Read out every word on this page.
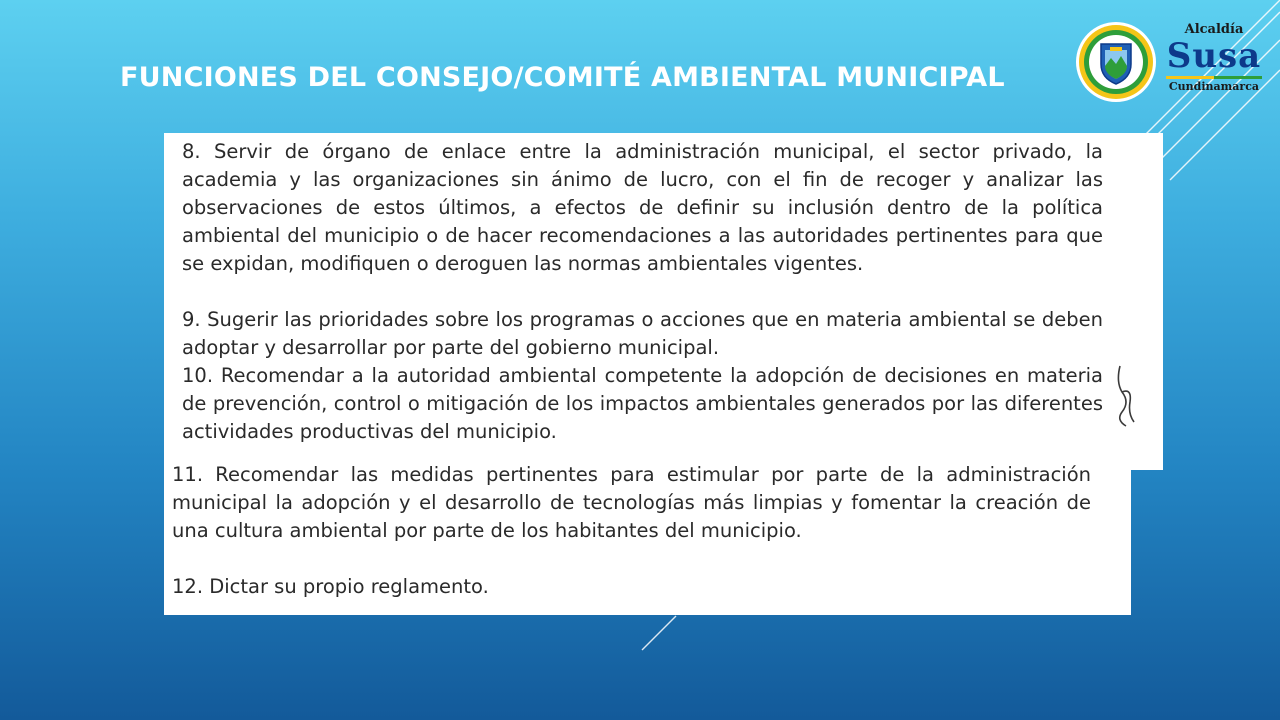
FUNCIONES DEL CONSEJO/COMITÉ AMBIENTAL MUNICIPAL
Alcaldía
Susa
Cundinamarca

8. Servir de órgano de enlace entre la administración municipal, el sector privado, la academia y las organizaciones sin ánimo de lucro, con el fin de recoger y analizar las observaciones de estos últimos, a efectos de definir su inclusión dentro de la política ambiental del municipio o de hacer recomendaciones a las autoridades pertinentes para que se expidan, modifiquen o deroguen las normas ambientales vigentes.

9. Sugerir las prioridades sobre los programas o acciones que en materia ambiental se deben adoptar y desarrollar por parte del gobierno municipal.

10. Recomendar a la autoridad ambiental competente la adopción de decisiones en materia de prevención, control o mitigación de los impactos ambientales generados por las diferentes actividades productivas del municipio.

11. Recomendar las medidas pertinentes para estimular por parte de la administración municipal la adopción y el desarrollo de tecnologías más limpias y fomentar la creación de una cultura ambiental por parte de los habitantes del municipio.

12. Dictar su propio reglamento.
